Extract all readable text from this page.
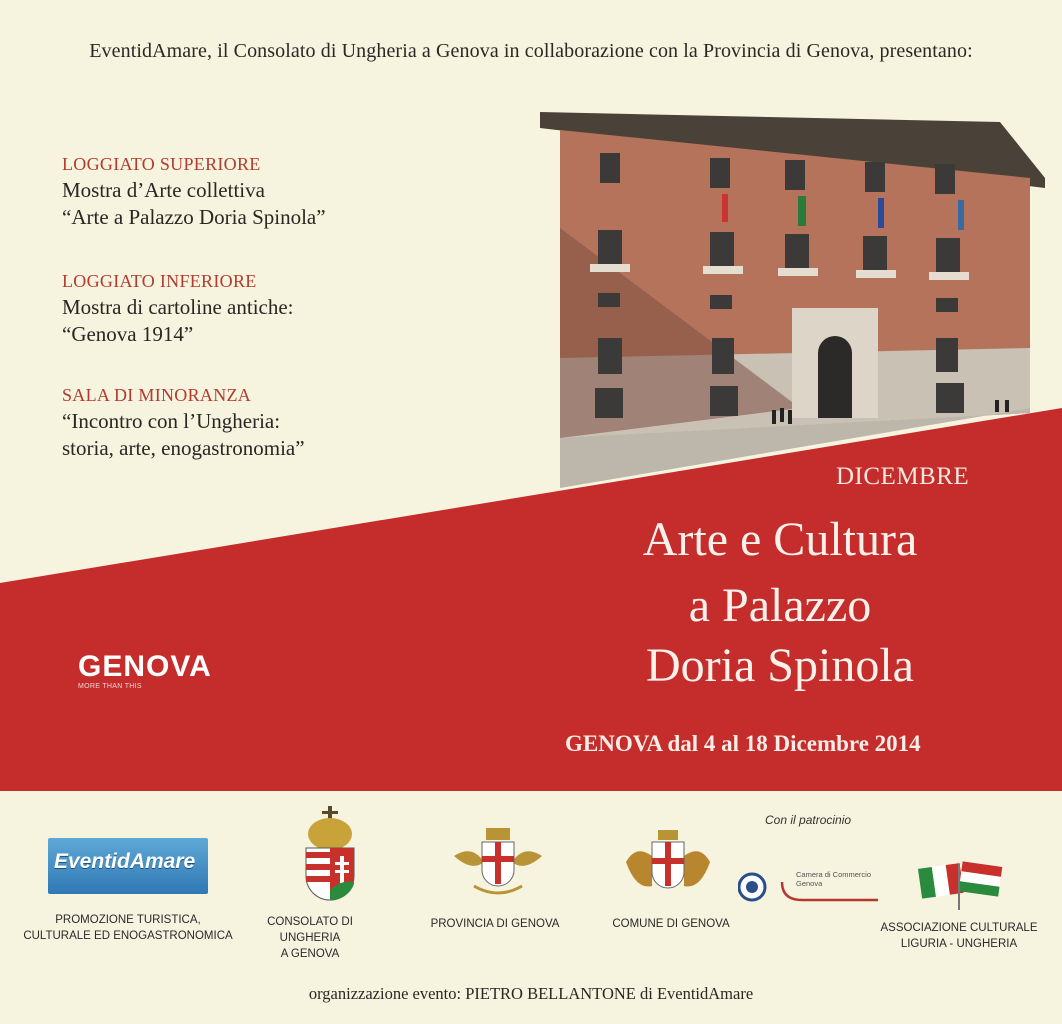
EventidAmare, il Consolato di Ungheria a Genova in collaborazione con la Provincia di Genova, presentano:
LOGGIATO SUPERIORE
Mostra d’Arte collettiva
“Arte a Palazzo Doria Spinola”
LOGGIATO INFERIORE
Mostra di cartoline antiche:
“Genova 1914”
SALA DI MINORANZA
“Incontro con l’Ungheria:
storia, arte, enogastronomia”
DICEMBRE
Arte e Cultura
a Palazzo
Doria Spinola
GENOVA dal 4 al 18 Dicembre 2014
GENOVA
MORE THAN THIS
Con il patrocinio
EventidAmare
PROMOZIONE TURISTICA,
CULTURALE ED ENOGASTRONOMICA
CONSOLATO DI UNGHERIA
A GENOVA
PROVINCIA DI GENOVA	COMUNE DI GENOVA
Camera di Commercio Genova
ASSOCIAZIONE CULTURALE
LIGURIA - UNGHERIA
organizzazione evento: PIETRO BELLANTONE di EventidAmare
